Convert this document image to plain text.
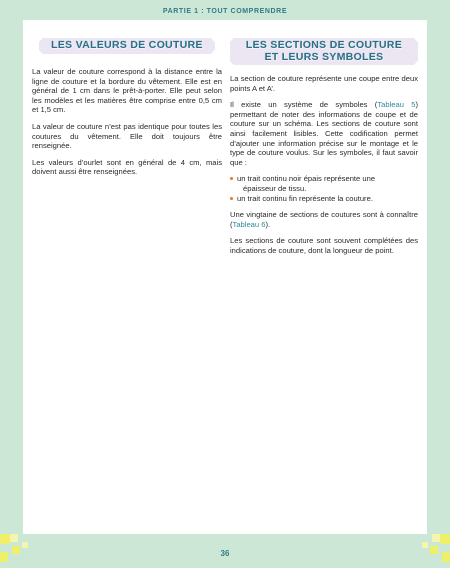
PARTIE 1 : TOUT COMPRENDRE
LES VALEURS DE COUTURE

La valeur de couture correspond à la distance entre la ligne de couture et la bordure du vêtement. Elle est en général de 1 cm dans le prêt-à-porter. Elle peut selon les modèles et les matières être comprise entre 0,5 cm et 1,5 cm.

La valeur de couture n’est pas identique pour toutes les coutures du vêtement. Elle doit toujours être renseignée.

Les valeurs d’ourlet sont en général de 4 cm, mais doivent aussi être renseignées.

LES SECTIONS DE COUTURE
ET LEURS SYMBOLES

La section de couture représente une coupe entre deux points A et A’.

Il existe un système de symboles (Tableau 5) permettant de noter des informations de coupe et de couture sur un schéma. Les sections de couture sont ainsi facilement lisibles. Cette codification permet d’ajouter une information précise sur le montage et le type de couture voulus. Sur les symboles, il faut savoir que :

un trait continu noir épais représente une
épaisseur de tissu.
un trait continu fin représente la couture.

Une vingtaine de sections de coutures sont à connaître (Tableau 6).

Les sections de couture sont souvent complétées des indications de couture, dont la longueur de point.

36
